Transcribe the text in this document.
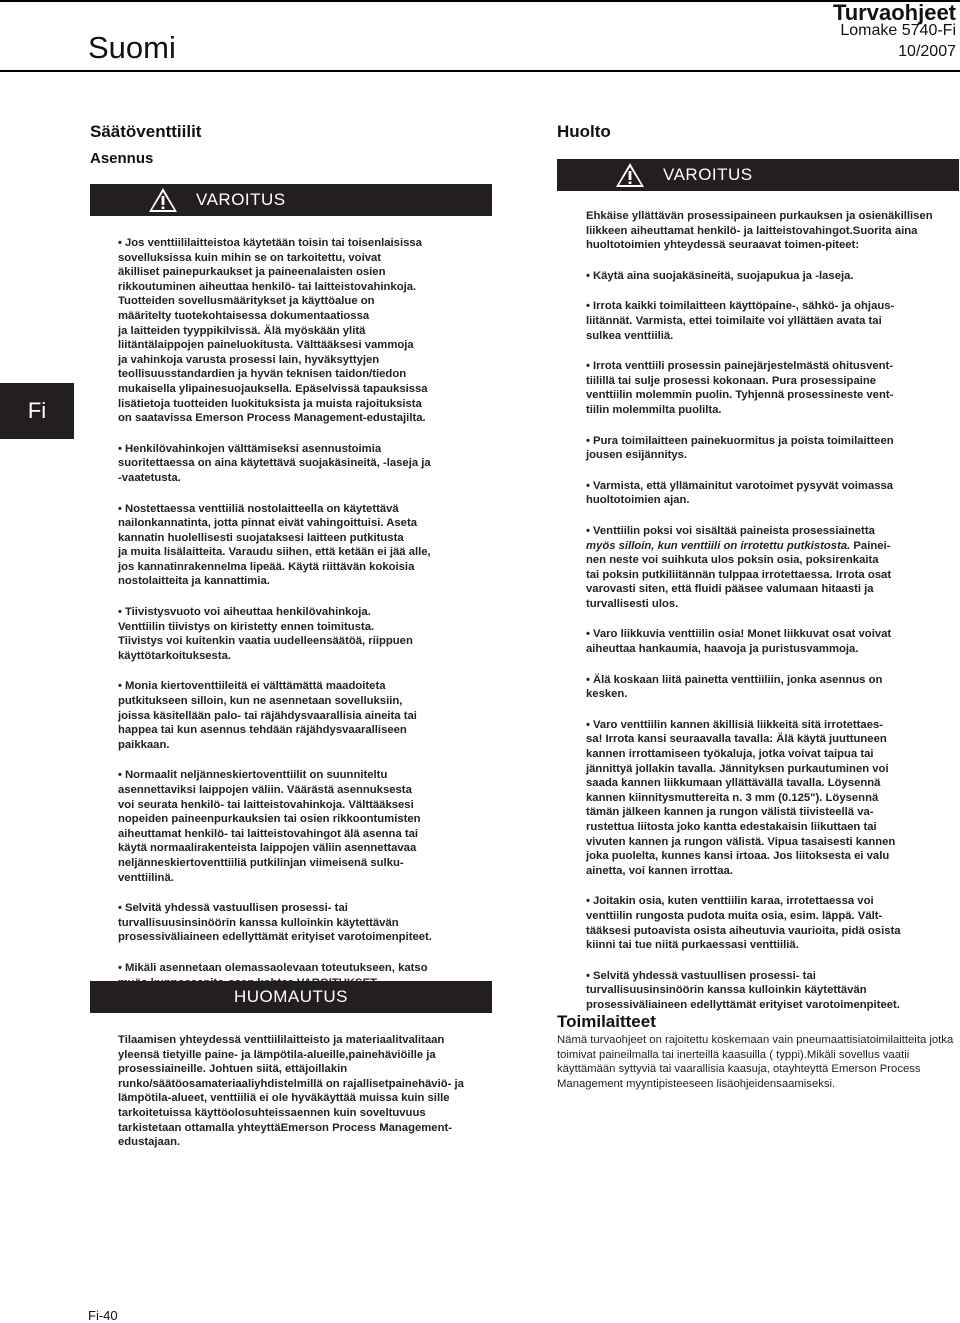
Suomi
Turvaohjeet
Lomake 5740-Fi
10/2007
Fi
Säätöventtiilit
Asennus
VAROITUS
• Jos venttiililaitteistoa käytetään toisin tai toisenlaisissa
sovelluksissa kuin mihin se on tarkoitettu, voivat
äkilliset painepurkaukset ja paineenalaisten osien
rikkoutuminen aiheuttaa henkilö- tai laitteistovahinkoja.
Tuotteiden sovellusmääritykset ja käyttöalue on
määritelty tuotekohtaisessa dokumentaatiossa
ja laitteiden tyyppikilvissä. Älä myöskään ylitä
liitäntälaippojen paineluokitusta. Välttääksesi vammoja
ja vahinkoja varusta prosessi lain, hyväksyttyjen
teollisuusstandardien ja hyvän teknisen taidon/tiedon
mukaisella ylipainesuojauksella. Epäselvissä tapauksissa
lisätietoja tuotteiden luokituksista ja muista rajoituksista
on saatavissa Emerson Process Management-edustajilta.
• Henkilövahinkojen välttämiseksi asennustoimia
suoritettaessa on aina käytettävä suojakäsineitä, -laseja ja
-vaatetusta.
• Nostettaessa venttiiliä nostolaitteella on käytettävä
nailonkannatinta, jotta pinnat eivät vahingoittuisi. Aseta
kannatin huolellisesti suojataksesi laitteen putkitusta
ja muita lisälaitteita. Varaudu siihen, että ketään ei jää alle,
jos kannatinrakennelma lipeää. Käytä riittävän kokoisia
nostolaitteita ja kannattimia.
• Tiivistysvuoto voi aiheuttaa henkilövahinkoja.
Venttiilin tiivistys on kiristetty ennen toimitusta.
Tiivistys voi kuitenkin vaatia uudelleensäätöä, riippuen
käyttötarkoituksesta.
• Monia kiertoventtiileitä ei välttämättä maadoiteta
putkitukseen silloin, kun ne asennetaan sovelluksiin,
joissa käsitellään palo- tai räjähdysvaarallisia aineita tai
happea tai kun asennus tehdään räjähdysvaaralliseen
paikkaan.
• Normaalit neljänneskiertoventtiilit on suunniteltu
asennettaviksi laippojen väliin. Väärästä asennuksesta
voi seurata henkilö- tai laitteistovahinkoja. Välttääksesi
nopeiden paineenpurkauksien tai osien rikkoontumisten
aiheuttamat henkilö- tai laitteistovahingot älä asenna tai
käytä normaalirakenteista laippojen väliin asennettavaa
neljänneskiertoventtiiliä putkilinjan viimeisenä sulku-
venttiilinä.
• Selvitä yhdessä vastuullisen prosessi- tai
turvallisuusinsinöörin kanssa kulloinkin käytettävän
prosessiväliaineen edellyttämät erityiset varotoimenpiteet.
• Mikäli asennetaan olemassaolevaan toteutukseen, katso
HUOMAUTUS
Tilaamisen yhteydessä venttiililaitteisto ja materiaalitvalitaan yleensä tietyille paine- ja lämpötila-alueille,painehäviöille ja prosessiaineille. Johtuen siitä, ettäjoillakin runko/säätöosamateriaaliyhdistelmillä on rajallisetpainehäviö- ja lämpötila-alueet, venttiiliä ei ole hyväkäyttää muissa kuin sille tarkoitetuissa käyttöolosuhteissaennen kuin soveltuvuus tarkistetaan ottamalla yhteyttäEmerson Process Management-edustajaan.
Huolto
VAROITUS
Ehkäise yllättävän prosessipaineen purkauksen ja osienäkillisen liikkeen aiheuttamat henkilö- ja laitteistovahingot.Suorita aina huoltotoimien yhteydessä seuraavat toimen-piteet:
• Käytä aina suojakäsineitä, suojapukua ja -laseja.
• Irrota kaikki toimilaitteen käyttöpaine-, sähkö- ja ohjaus-
liitännät. Varmista, ettei toimilaite voi yllättäen avata tai
sulkea venttiiliä.
• Irrota venttiili prosessin painejärjestelmästä ohitusvent-
tiilillä tai sulje prosessi kokonaan. Pura prosessipaine
venttiilin molemmin puolin. Tyhjennä prosessineste vent-
tiilin molemmilta puolilta.
• Pura toimilaitteen painekuormitus ja poista toimilaitteen
jousen esijännitys.
• Varmista, että yllämainitut varotoimet pysyvät voimassa
huoltotoimien ajan.
• Venttiilin poksi voi sisältää paineista prosessiainetta
myös silloin, kun venttiili on irrotettu putkistosta. Painei-
nen neste voi suihkuta ulos poksin osia, poksirenkaita
tai poksin putkiliitännän tulppaa irrotettaessa. Irrota osat
varovasti siten, että fluidi pääsee valumaan hitaasti ja
turvallisesti ulos.
• Varo liikkuvia venttiilin osia! Monet liikkuvat osat voivat
aiheuttaa hankaumia, haavoja ja puristusvammoja.
• Älä koskaan liitä painetta venttiiliin, jonka asennus on
kesken.
• Varo venttiilin kannen äkillisiä liikkeitä sitä irrotettaes-
sa! Irrota kansi seuraavalla tavalla: Älä käytä juuttuneen
kannen irrottamiseen työkaluja, jotka voivat taipua tai
jännittyä jollakin tavalla. Jännityksen purkautuminen voi
saada kannen liikkumaan yllättävällä tavalla. Löysennä
kannen kiinnitysmuttereita n. 3 mm (0.125"). Löysennä
tämän jälkeen kannen ja rungon välistä tiivisteellä va-
rustettua liitosta joko kantta edestakaisin liikuttaen tai
vivuten kannen ja rungon välistä. Vipua tasaisesti kannen
joka puolelta, kunnes kansi irtoaa. Jos liitoksesta ei valu
ainetta, voi kannen irrottaa.
• Joitakin osia, kuten venttiilin karaa, irrotettaessa voi
venttiilin rungosta pudota muita osia, esim. läppä. Vält-
tääksesi putoavista osista aiheutuvia vaurioita, pidä osista
kiinni tai tue niitä purkaessasi venttiiliä.
• Selvitä yhdessä vastuullisen prosessi- tai
turvallisuusinsinöörin kanssa kulloinkin käytettävän
prosessiväliaineen edellyttämät erityiset varotoimenpiteet.
Toimilaitteet
Nämä turvaohjeet on rajoitettu koskemaan vain pneumaattisiatoimilaitteita jotka toimivat paineilmalla tai inerteillä kaasuilla ( typpi).Mikäli sovellus vaatii käyttämään syttyviä tai vaarallisia kaasuja, otayhteyttä Emerson Process Management myyntipisteeseen lisäohjeidensaamiseksi.
Fi-40
